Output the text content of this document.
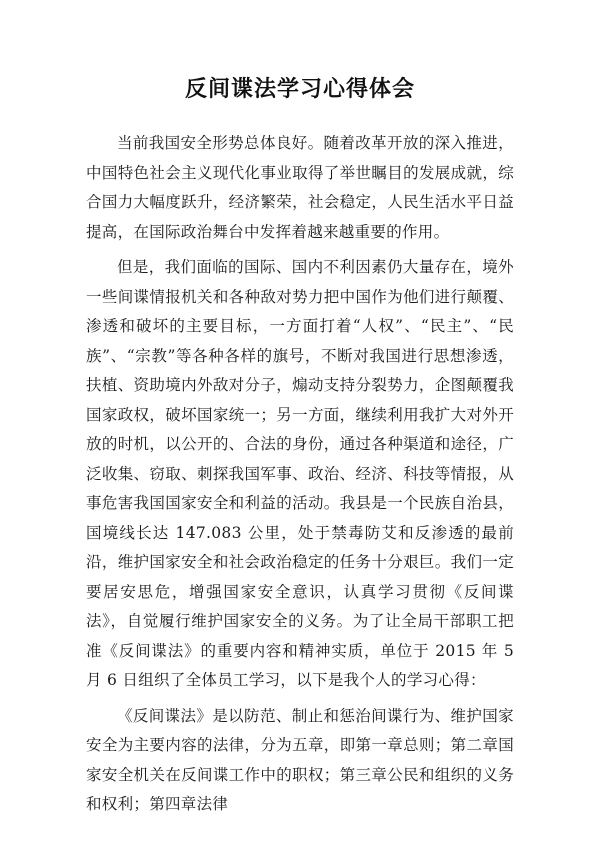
反间谍法学习心得体会

当前我国安全形势总体良好。随着改革开放的深入推进，中国特色社会主义现代化事业取得了举世瞩目的发展成就，综合国力大幅度跃升，经济繁荣，社会稳定，人民生活水平日益提高，在国际政治舞台中发挥着越来越重要的作用。

但是，我们面临的国际、国内不利因素仍大量存在，境外一些间谍情报机关和各种敌对势力把中国作为他们进行颠覆、渗透和破坏的主要目标，一方面打着“人权”、“民主”、“民族”、“宗教”等各种各样的旗号，不断对我国进行思想渗透，扶植、资助境内外敌对分子，煽动支持分裂势力，企图颠覆我国家政权，破坏国家统一；另一方面，继续利用我扩大对外开放的时机，以公开的、合法的身份，通过各种渠道和途径，广泛收集、窃取、刺探我国军事、政治、经济、科技等情报，从事危害我国国家安全和利益的活动。我县是一个民族自治县，国境线长达 147.083 公里，处于禁毒防艾和反渗透的最前沿，维护国家安全和社会政治稳定的任务十分艰巨。我们一定要居安思危，增强国家安全意识，认真学习贯彻《反间谍法》，自觉履行维护国家安全的义务。为了让全局干部职工把准《反间谍法》的重要内容和精神实质，单位于 2015 年 5 月 6 日组织了全体员工学习，以下是我个人的学习心得：

《反间谍法》是以防范、制止和惩治间谍行为、维护国家安全为主要内容的法律，分为五章，即第一章总则；第二章国家安全机关在反间谍工作中的职权；第三章公民和组织的义务和权利；第四章法律
